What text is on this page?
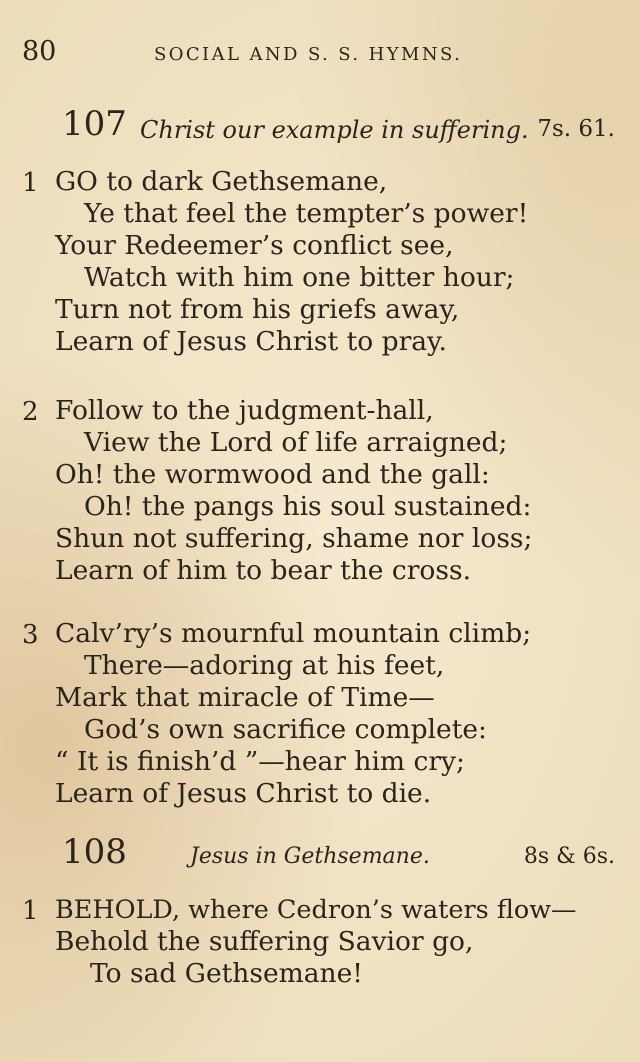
80	SOCIAL AND S. S. HYMNS.
107 Christ our example in suffering. 7s. 61.
1 GO to dark Gethsemane,
Ye that feel the tempter’s power!
Your Redeemer’s conflict see,
Watch with him one bitter hour;
Turn not from his griefs away,
Learn of Jesus Christ to pray.
2 Follow to the judgment-hall,
View the Lord of life arraigned;
Oh! the wormwood and the gall:
Oh! the pangs his soul sustained:
Shun not suffering, shame nor loss;
Learn of him to bear the cross.
3 Calv’ry’s mournful mountain climb;
There—adoring at his feet,
Mark that miracle of Time—
God’s own sacrifice complete:
“ It is finish’d ”—hear him cry;
Learn of Jesus Christ to die.
108	Jesus in Gethsemane.	8s & 6s.
1 BEHOLD, where Cedron’s waters flow—
Behold the suffering Savior go,
To sad Gethsemane!
